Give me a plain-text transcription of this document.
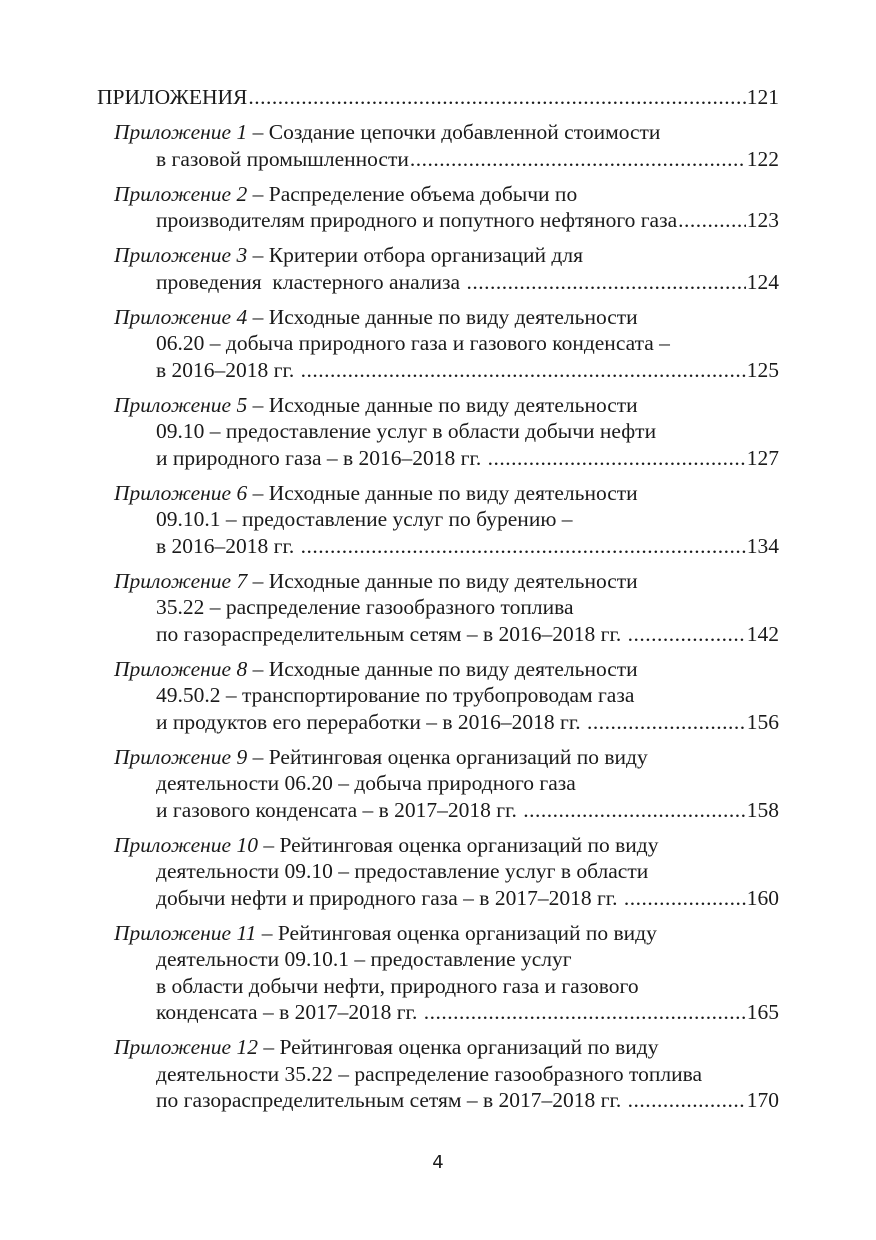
ПРИЛОЖЕНИЯ .....	121
Приложение 1 – Создание цепочки добавленной стоимости
в газовой промышленности .....	122
Приложение 2 – Распределение объема добычи по
производителям природного и попутного нефтяного газа .....	123
Приложение 3 – Критерии отбора организаций для
проведения  кластерного анализа .....	124
Приложение 4 – Исходные данные по виду деятельности
06.20 – добыча природного газа и газового конденсата –
в 2016–2018 гг. .....	125
Приложение 5 – Исходные данные по виду деятельности
09.10 – предоставление услуг в области добычи нефти
и природного газа – в 2016–2018 гг. .....	127
Приложение 6 – Исходные данные по виду деятельности
09.10.1 – предоставление услуг по бурению –
в 2016–2018 гг. .....	134
Приложение 7 – Исходные данные по виду деятельности
35.22 – распределение газообразного топлива
по газораспределительным сетям – в 2016–2018 гг. .....	142
Приложение 8 – Исходные данные по виду деятельности
49.50.2 – транспортирование по трубопроводам газа
и продуктов его переработки – в 2016–2018 гг. .....	156
Приложение 9 – Рейтинговая оценка организаций по виду
деятельности 06.20 – добыча природного газа
и газового конденсата – в 2017–2018 гг. .....	158
Приложение 10 – Рейтинговая оценка организаций по виду
деятельности 09.10 – предоставление услуг в области
добычи нефти и природного газа – в 2017–2018 гг. .....	160
Приложение 11 – Рейтинговая оценка организаций по виду
деятельности 09.10.1 – предоставление услуг
в области добычи нефти, природного газа и газового
конденсата – в 2017–2018 гг. .....	165
Приложение 12 – Рейтинговая оценка организаций по виду
деятельности 35.22 – распределение газообразного топлива
по газораспределительным сетям – в 2017–2018 гг. .....	170
4
